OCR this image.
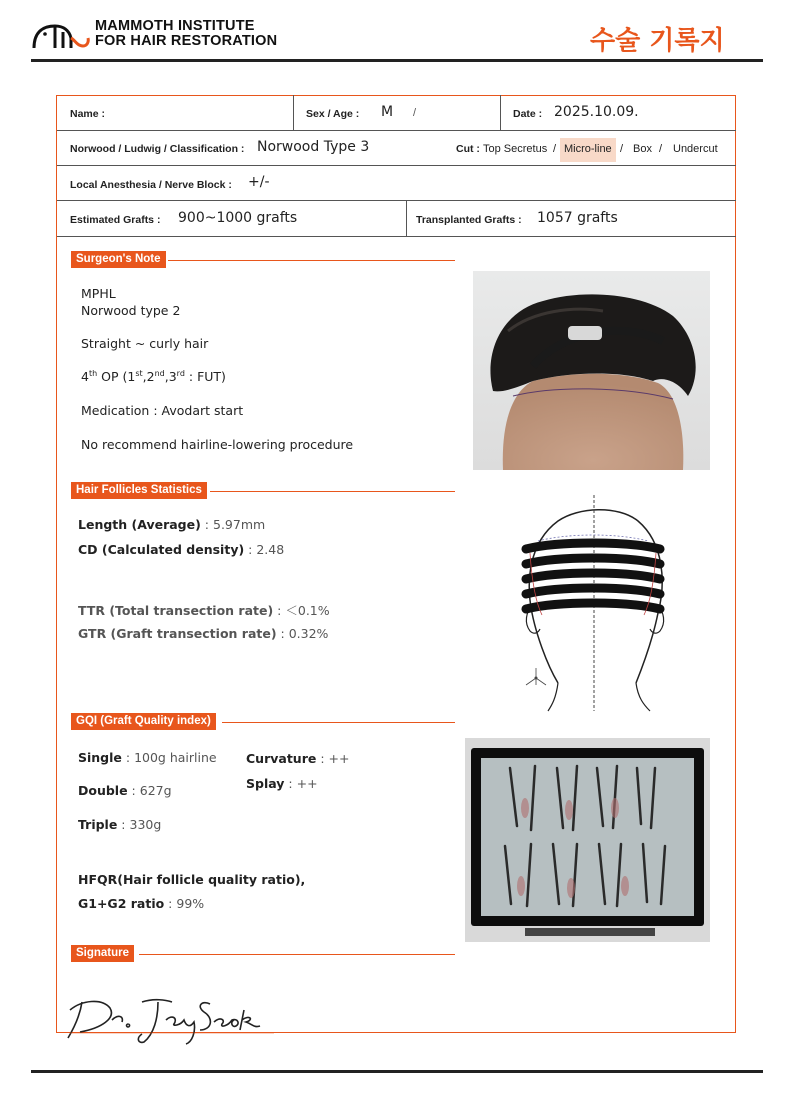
MAMMOTH INSTITUTE
FOR HAIR RESTORATION	수술 기록지
Name :	Sex / Age : M /	Date : 2025.10.09.
Norwood / Ludwig / Classification : Norwood Type 3	Cut : Top Secretus / Micro-line / Box / Undercut
Local Anesthesia / Nerve Block : +/-
Estimated Grafts : 900~1000 grafts	Transplanted Grafts : 1057 grafts
Surgeon's Note
MPHL
Norwood type 2
Straight ~ curly hair
4th OP (1st,2nd,3rd : FUT)
Medication : Avodart start
No recommend hairline-lowering procedure
Hair Follicles Statistics
Length (Average) : 5.97mm
CD (Calculated density) : 2.48
TTR (Total transection rate) : ＜0.1%
GTR (Graft transection rate) : 0.32%
GQI (Graft Quality index)
Single : 100g hairline
Double : 627g
Triple : 330g
Curvature : ++
Splay : ++
HFQR(Hair follicle quality ratio),
G1+G2 ratio : 99%
Signature
